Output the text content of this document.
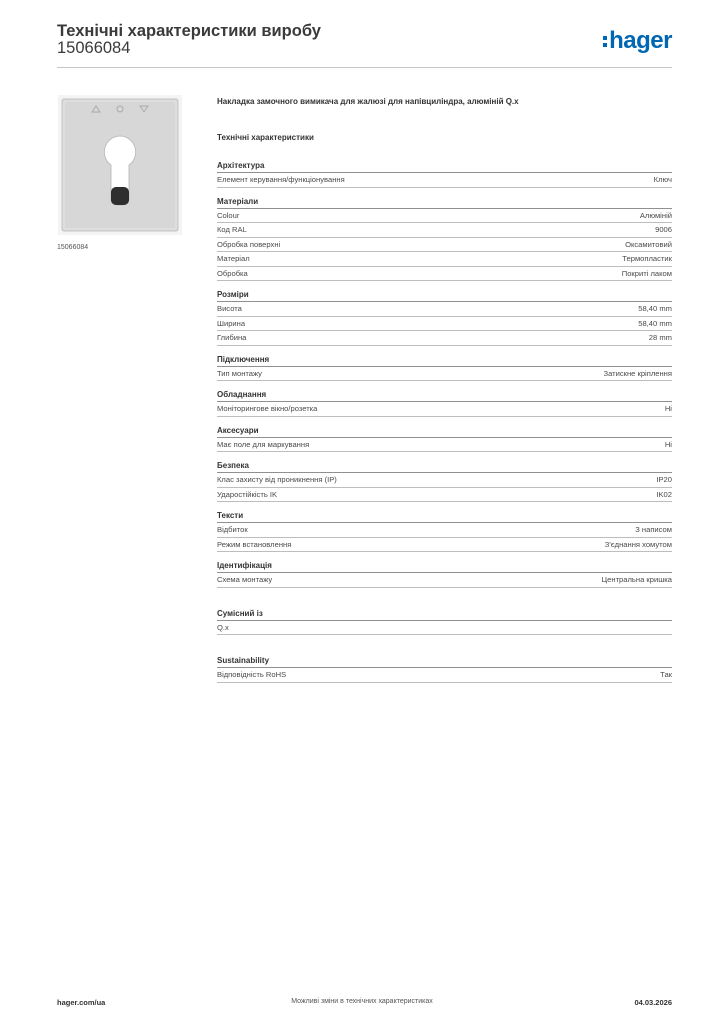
Технічні характеристики виробу
15066084	hager
15066084
Накладка замочного вимикача для жалюзі для напівциліндра, алюміній Q.x
Технічні характеристики
Архітектура
Елемент керування/функціонування	Ключ
Матеріали
Colour	Алюміній
Код RAL	9006
Обробка поверхні	Оксамитовий
Матеріал	Термопластик
Обробка	Покриті лаком
Розміри
Висота	58,40 mm
Ширина	58,40 mm
Глибина	28 mm
Підключення
Тип монтажу	Затискне кріплення
Обладнання
Моніторингове вікно/розетка	Ні
Аксесуари
Має поле для маркування	Ні
Безпека
Клас захисту від проникнення (IP)	IP20
Ударостійкість IK	IK02
Тексти
Відбиток	З написом
Режим встановлення	З'єднання хомутом
Ідентифікація
Схема монтажу	Центральна кришка
Сумісний із
Q.x
Sustainability
Відповідність RoHS	Так
hager.com/ua	Можливі зміни в технічних характеристиках	04.03.2026
